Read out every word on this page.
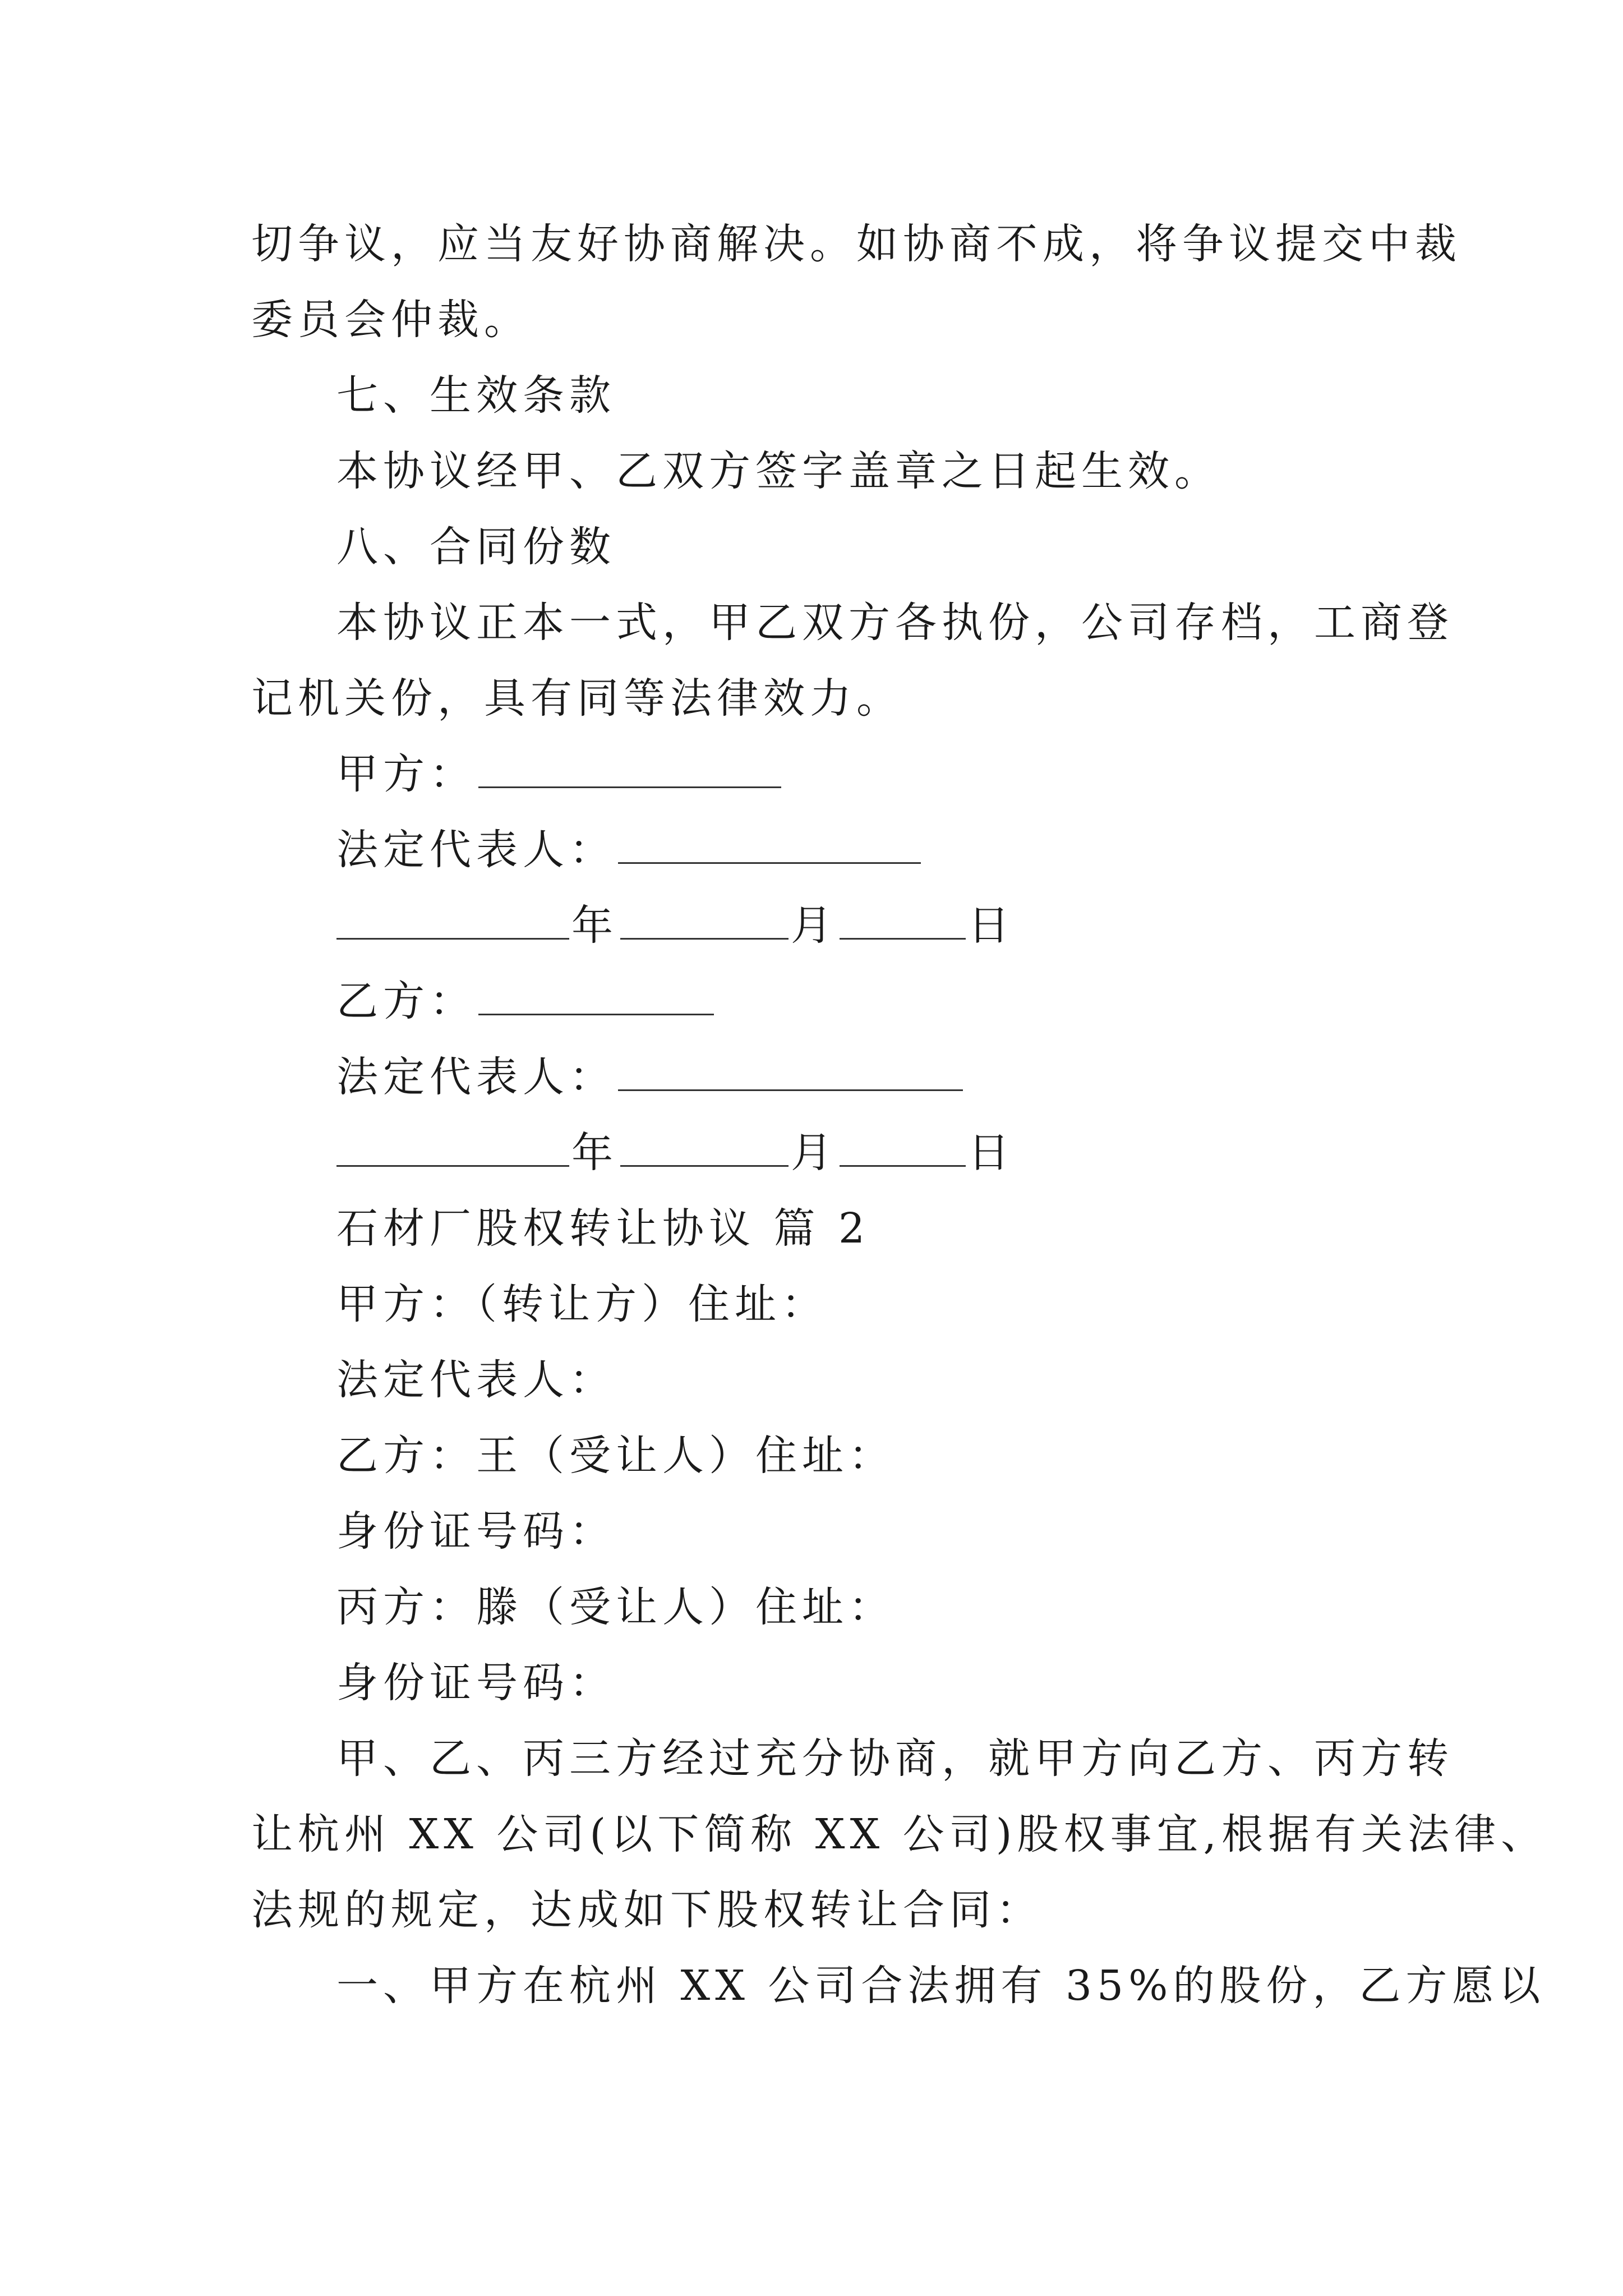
切争议，应当友好协商解决。如协商不成，将争议提交中裁
委员会仲裁。
七、生效条款
本协议经甲、乙双方签字盖章之日起生效。
八、合同份数
本协议正本一式，甲乙双方各执份，公司存档，工商登
记机关份，具有同等法律效力。
甲方：
法定代表人：
年	月	日
乙方：
法定代表人：
年	月	日
石材厂股权转让协议 篇 2
甲方：（转让方）住址：
法定代表人：
乙方：王（受让人）住址：
身份证号码：
丙方：滕（受让人）住址：
身份证号码：
甲、乙、丙三方经过充分协商，就甲方向乙方、丙方转
让杭州 XX 公司(以下简称 XX 公司)股权事宜,根据有关法律、
法规的规定，达成如下股权转让合同：
一、甲方在杭州 XX 公司合法拥有 35%的股份，乙方愿以
